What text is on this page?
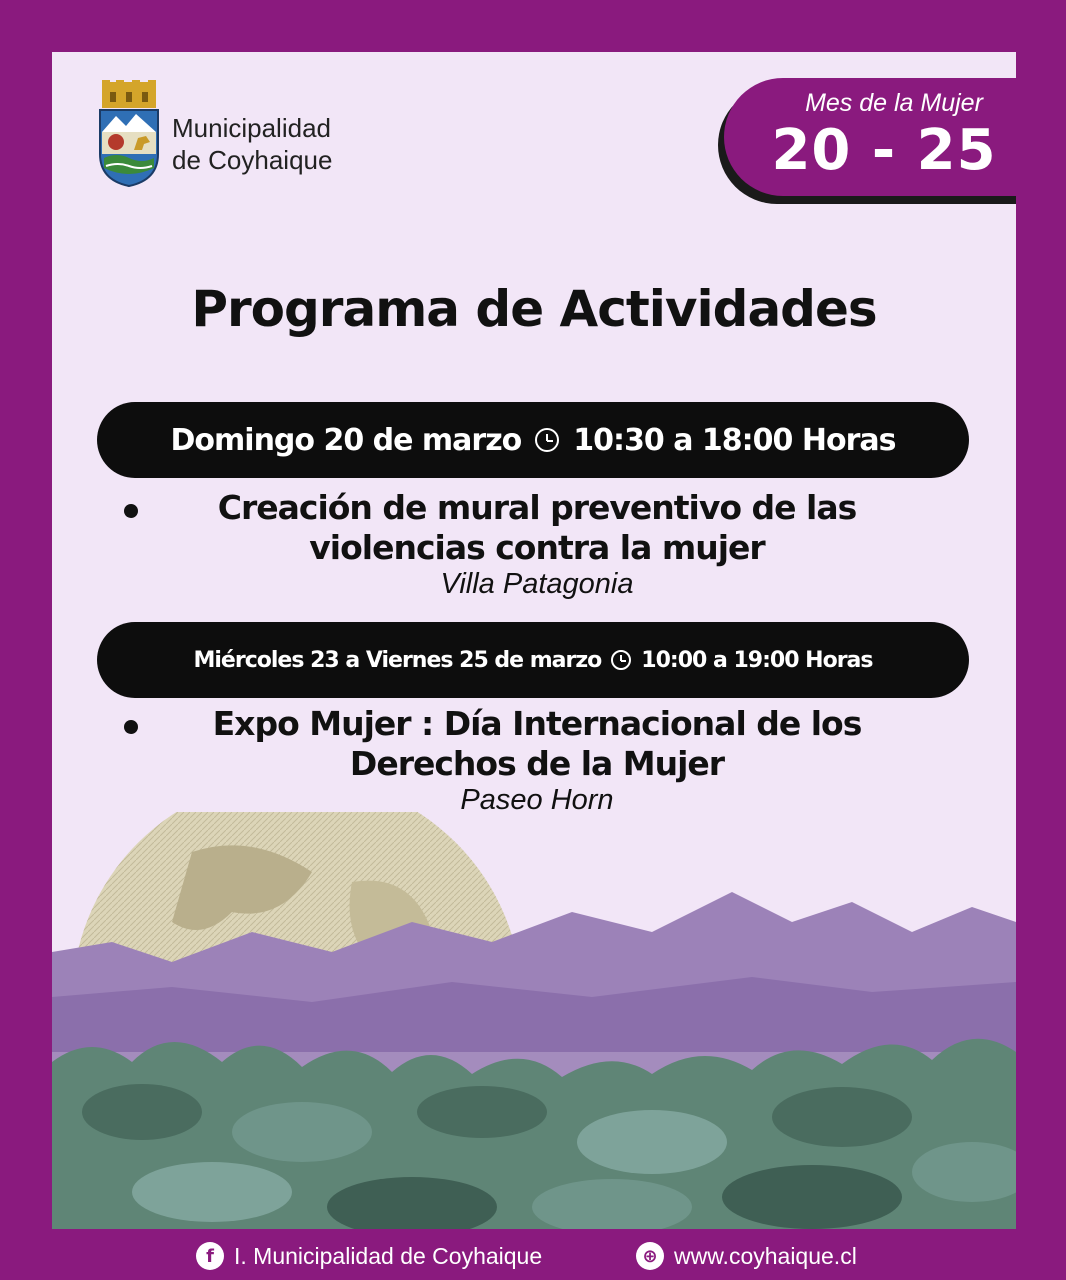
Municipalidad
de Coyhaique
Mes de la Mujer
20 - 25
Programa de Actividades
Domingo 20 de marzo 10:30 a 18:00 Horas
Creación de mural preventivo de las
violencias contra la mujer
Villa Patagonia
Miércoles 23 a Viernes 25 de marzo 10:00 a 19:00 Horas
Expo Mujer : Día Internacional de los
Derechos de la Mujer
Paseo Horn
f I. Municipalidad de Coyhaique	⊕ www.coyhaique.cl
